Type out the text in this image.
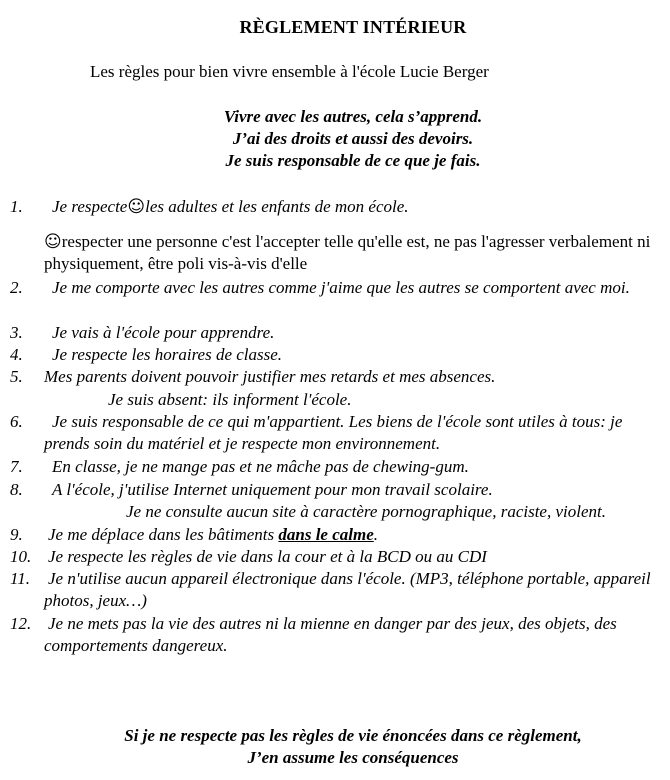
RÈGLEMENT INTÉRIEUR
Les règles pour bien vivre ensemble à l'école Lucie Berger
Vivre avec les autres, cela s’apprend.
J’ai des droits et aussi des devoirs.
Je suis responsable de ce que je fais.
1.	Je respecte☺les adultes et les enfants de mon école.
☺respecter une personne c'est l'accepter telle qu'elle est, ne pas l'agresser verbalement ni physiquement, être poli vis-à-vis d'elle
2.	Je me comporte avec les autres comme j'aime que les autres se comportent avec moi.
3.	Je vais à l'école pour apprendre.
4.	Je respecte les horaires de classe.
5. Mes parents doivent pouvoir justifier mes retards et mes absences.
Je suis absent: ils informent l'école.
6.	Je suis responsable de ce qui m'appartient. Les biens de l'école sont utiles à tous: je prends soin du matériel et je respecte mon environnement.
7.	En classe, je ne mange pas et ne mâche pas de chewing-gum.
8.	A l'école, j'utilise Internet uniquement pour mon travail scolaire.
Je ne consulte aucun site à caractère pornographique, raciste, violent.
9. Je me déplace dans les bâtiments dans le calme.
10. Je respecte les règles de vie dans la cour et à la BCD ou au CDI
11. Je n'utilise aucun appareil électronique dans l'école. (MP3, téléphone portable, appareil photos, jeux…)
12. Je ne mets pas la vie des autres ni la mienne en danger par des jeux, des objets, des comportements dangereux.
Si je ne respecte pas les règles de vie énoncées dans ce règlement,
J’en assume les conséquences
